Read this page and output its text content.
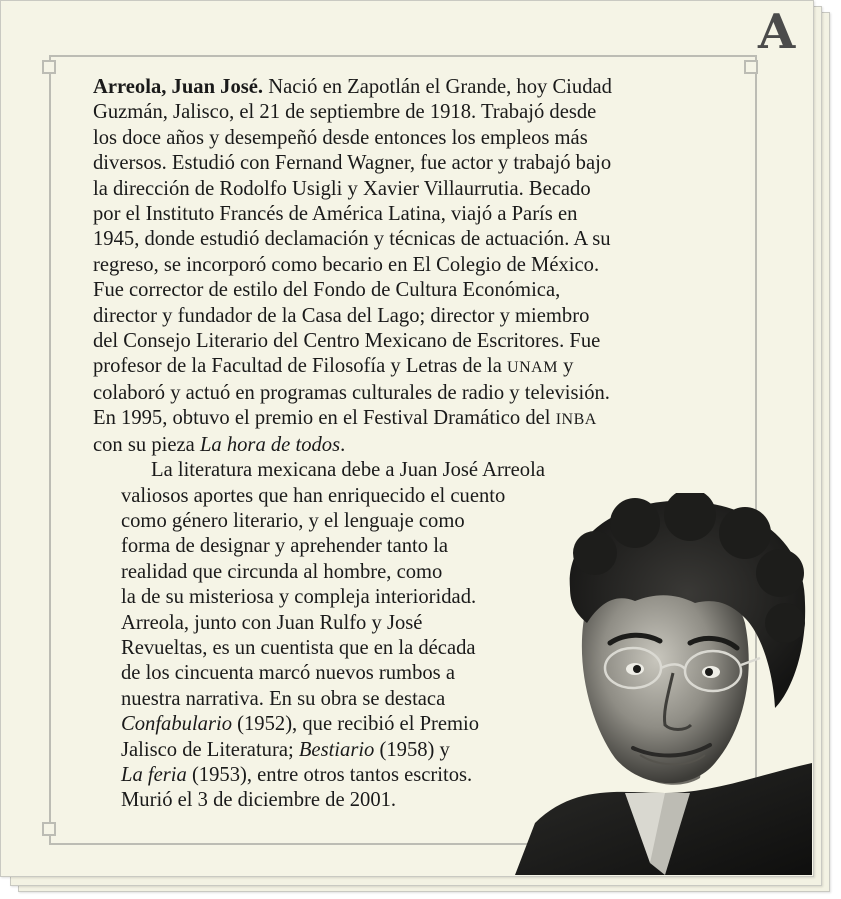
A

Arreola, Juan José. Nació en Zapotlán el Grande, hoy Ciudad
Guzmán, Jalisco, el 21 de septiembre de 1918. Trabajó desde
los doce años y desempeñó desde entonces los empleos más
diversos. Estudió con Fernand Wagner, fue actor y trabajó bajo
la dirección de Rodolfo Usigli y Xavier Villaurrutia. Becado
por el Instituto Francés de América Latina, viajó a París en
1945, donde estudió declamación y técnicas de actuación. A su
regreso, se incorporó como becario en El Colegio de México.
Fue corrector de estilo del Fondo de Cultura Económica,
director y fundador de la Casa del Lago; director y miembro
del Consejo Literario del Centro Mexicano de Escritores. Fue
profesor de la Facultad de Filosofía y Letras de la UNAM y
colaboró y actuó en programas culturales de radio y televisión.
En 1995, obtuvo el premio en el Festival Dramático del INBA
con su pieza La hora de todos.

La literatura mexicana debe a Juan José Arreola
valiosos aportes que han enriquecido el cuento
como género literario, y el lenguaje como
forma de designar y aprehender tanto la
realidad que circunda al hombre, como
la de su misteriosa y compleja interioridad.
Arreola, junto con Juan Rulfo y José
Revueltas, es un cuentista que en la década
de los cincuenta marcó nuevos rumbos a
nuestra narrativa. En su obra se destaca
Confabulario (1952), que recibió el Premio
Jalisco de Literatura; Bestiario (1958) y
La feria (1953), entre otros tantos escritos.
Murió el 3 de diciembre de 2001.
